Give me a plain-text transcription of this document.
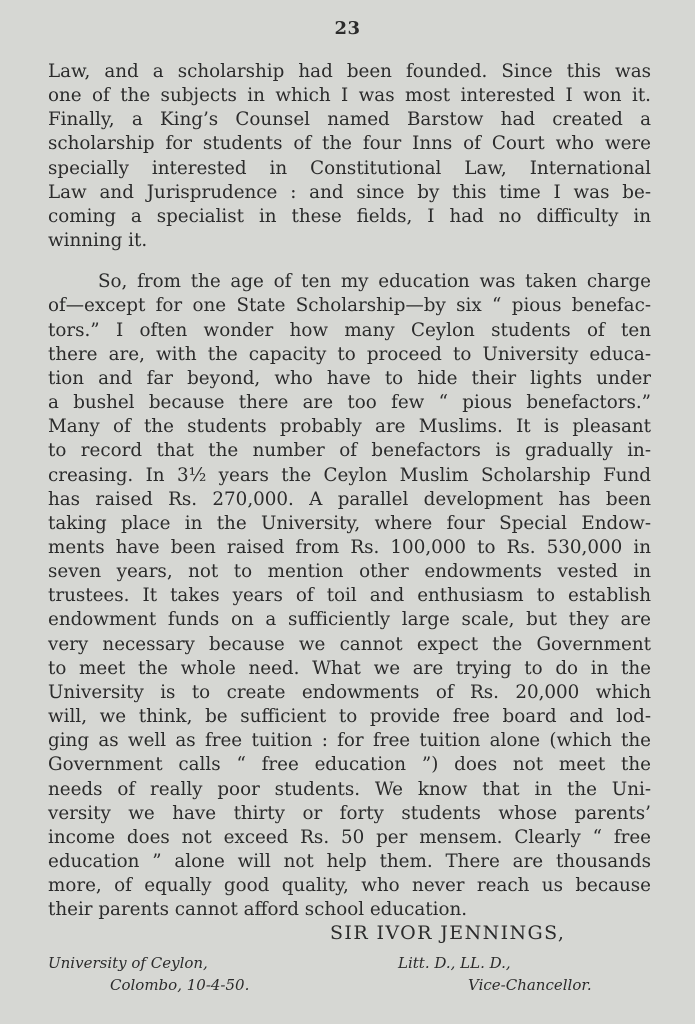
23
Law, and a scholarship had been founded. Since this was
one of the subjects in which I was most interested I won it.
Finally, a King’s Counsel named Barstow had created a
scholarship for students of the four Inns of Court who were
specially interested in Constitutional Law, International
Law and Jurisprudence : and since by this time I was be-
coming a specialist in these fields, I had no difficulty in
winning it.
So, from the age of ten my education was taken charge
of—except for one State Scholarship—by six “ pious benefac-
tors.” I often wonder how many Ceylon students of ten
there are, with the capacity to proceed to University educa-
tion and far beyond, who have to hide their lights under
a bushel because there are too few “ pious benefactors.”
Many of the students probably are Muslims. It is pleasant
to record that the number of benefactors is gradually in-
creasing. In 3½ years the Ceylon Muslim Scholarship Fund
has raised Rs. 270,000. A parallel development has been
taking place in the University, where four Special Endow-
ments have been raised from Rs. 100,000 to Rs. 530,000 in
seven years, not to mention other endowments vested in
trustees. It takes years of toil and enthusiasm to establish
endowment funds on a sufficiently large scale, but they are
very necessary because we cannot expect the Government
to meet the whole need. What we are trying to do in the
University is to create endowments of Rs. 20,000 which
will, we think, be sufficient to provide free board and lod-
ging as well as free tuition : for free tuition alone (which the
Government calls “ free education ”) does not meet the
needs of really poor students. We know that in the Uni-
versity we have thirty or forty students whose parents’
income does not exceed Rs. 50 per mensem. Clearly “ free
education ” alone will not help them. There are thousands
more, of equally good quality, who never reach us because
their parents cannot afford school education.
SIR IVOR JENNINGS,
University of Ceylon,
Colombo, 10-4-50.
Litt. D., LL. D.,
Vice-Chancellor.
